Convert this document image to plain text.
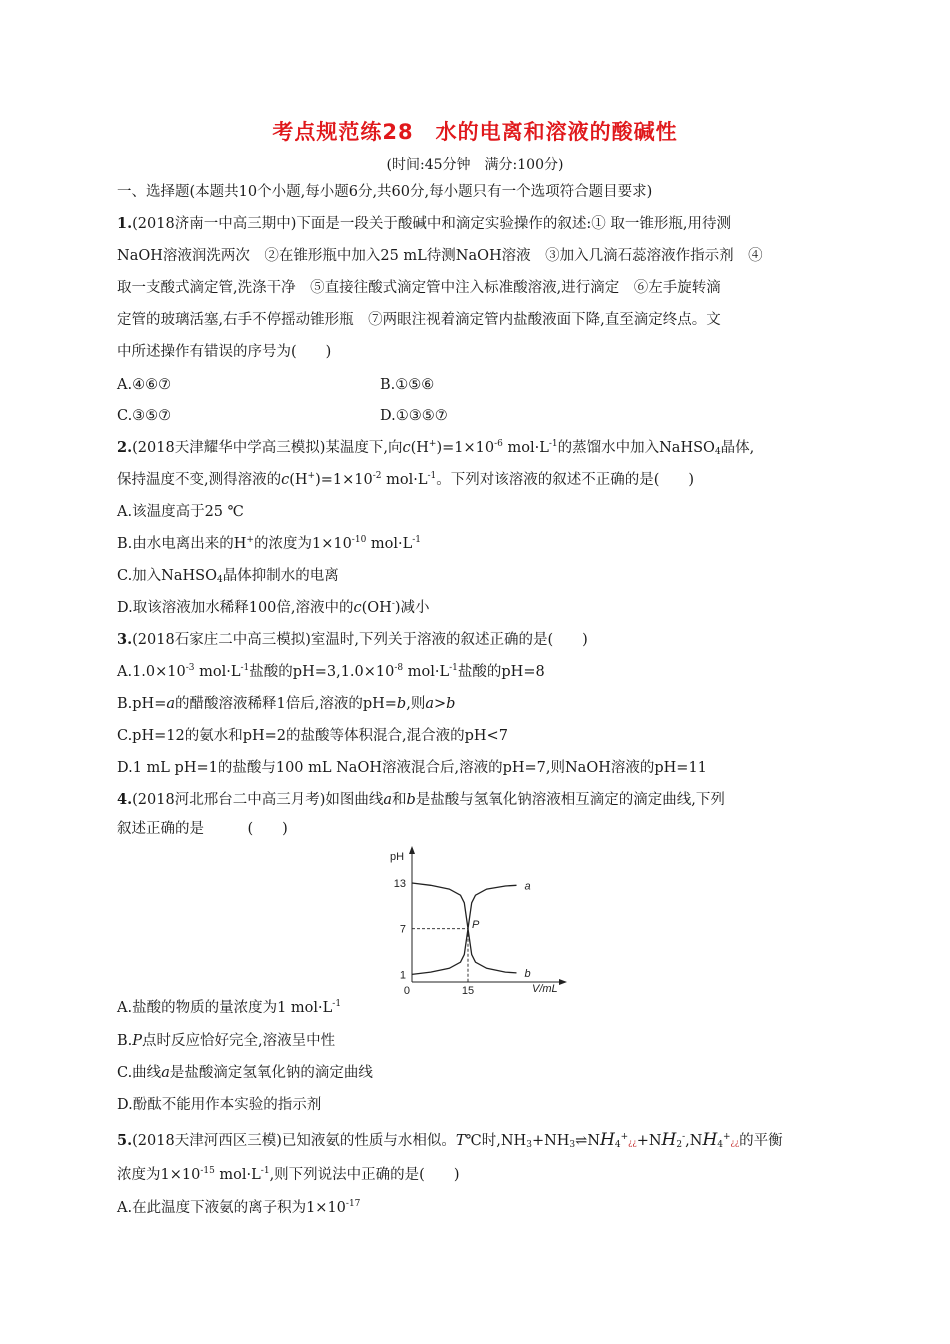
考点规范练28　水的电离和溶液的酸碱性
(时间:45分钟　满分:100分)
一、选择题(本题共10个小题,每小题6分,共60分,每小题只有一个选项符合题目要求)
1.(2018济南一中高三期中)下面是一段关于酸碱中和滴定实验操作的叙述:① 取一锥形瓶,用待测
NaOH溶液润洗两次　②在锥形瓶中加入25 mL待测NaOH溶液　③加入几滴石蕊溶液作指示剂　④
取一支酸式滴定管,洗涤干净　⑤直接往酸式滴定管中注入标准酸溶液,进行滴定　⑥左手旋转滴
定管的玻璃活塞,右手不停摇动锥形瓶　⑦两眼注视着滴定管内盐酸液面下降,直至滴定终点。文
中所述操作有错误的序号为(　　)
A.④⑥⑦	B.①⑤⑥
C.③⑤⑦	D.①③⑤⑦
2.(2018天津耀华中学高三模拟)某温度下,向$c(H^+)=1\times 10^{-6}$ $mol\cdot L^{-1}$的蒸馏水中加入NaHSO$_4$晶体,
保持温度不变,测得溶液的$c(H^+)=1\times 10^{-2}$ $mol\cdot L^{-1}$。下列对该溶液的叙述不正确的是(　　)
A.该温度高于25 ℃
B.由水电离出来的H+的浓度为$1\times 10^{-10}$ $mol\cdot L^{-1}$
C.加入NaHSO$_4$晶体抑制水的电离
D.取该溶液加水稀释100倍,溶液中的c(OH-)减小
3.(2018石家庄二中高三模拟)室温时,下列关于溶液的叙述正确的是(　　)
$A.1.0\times 10^{-3}$ $mol\cdot L^{-1}$盐酸的$pH=3,1.0\times 10^{-8}$ $mol\cdot L^{-1}$盐酸的pH=8
B.pH=a的醋酸溶液稀释1倍后,溶液的pH=b,则a>b
C.pH=12的氨水和pH=2的盐酸等体积混合,混合液的pH<7
D.1 mL pH=1的盐酸与100 mL NaOH溶液混合后,溶液的pH=7,则NaOH溶液的pH=11
4.(2018河北邢台二中高三月考)如图曲线a和b是盐酸与氢氧化钠溶液相互滴定的滴定曲线,下列
叙述正确的是　　　(　　)
a
b
13
7
1
0	15
pH
V/mL
P
A.盐酸的物质的量浓度为1 $mol\cdot L^{-1}$
B.P点时反应恰好完全,溶液呈中性
C.曲线a是盐酸滴定氢氧化钠的滴定曲线
D.酚酞不能用作本实验的指示剂
5.(2018天津河西区三模)已知液氨的性质与水相似。T℃时$,NH_3+NH_3\rightleftharpoons NH_4^+¿¿+NH_2^-,NH_4^+¿¿$的平衡
浓度为$1\times 10^{-15}$ $mol\cdot L^{-1}$,则下列说法中正确的是(　　)
A.在此温度下液氨的离子积为$1\times 10^{-17}$
